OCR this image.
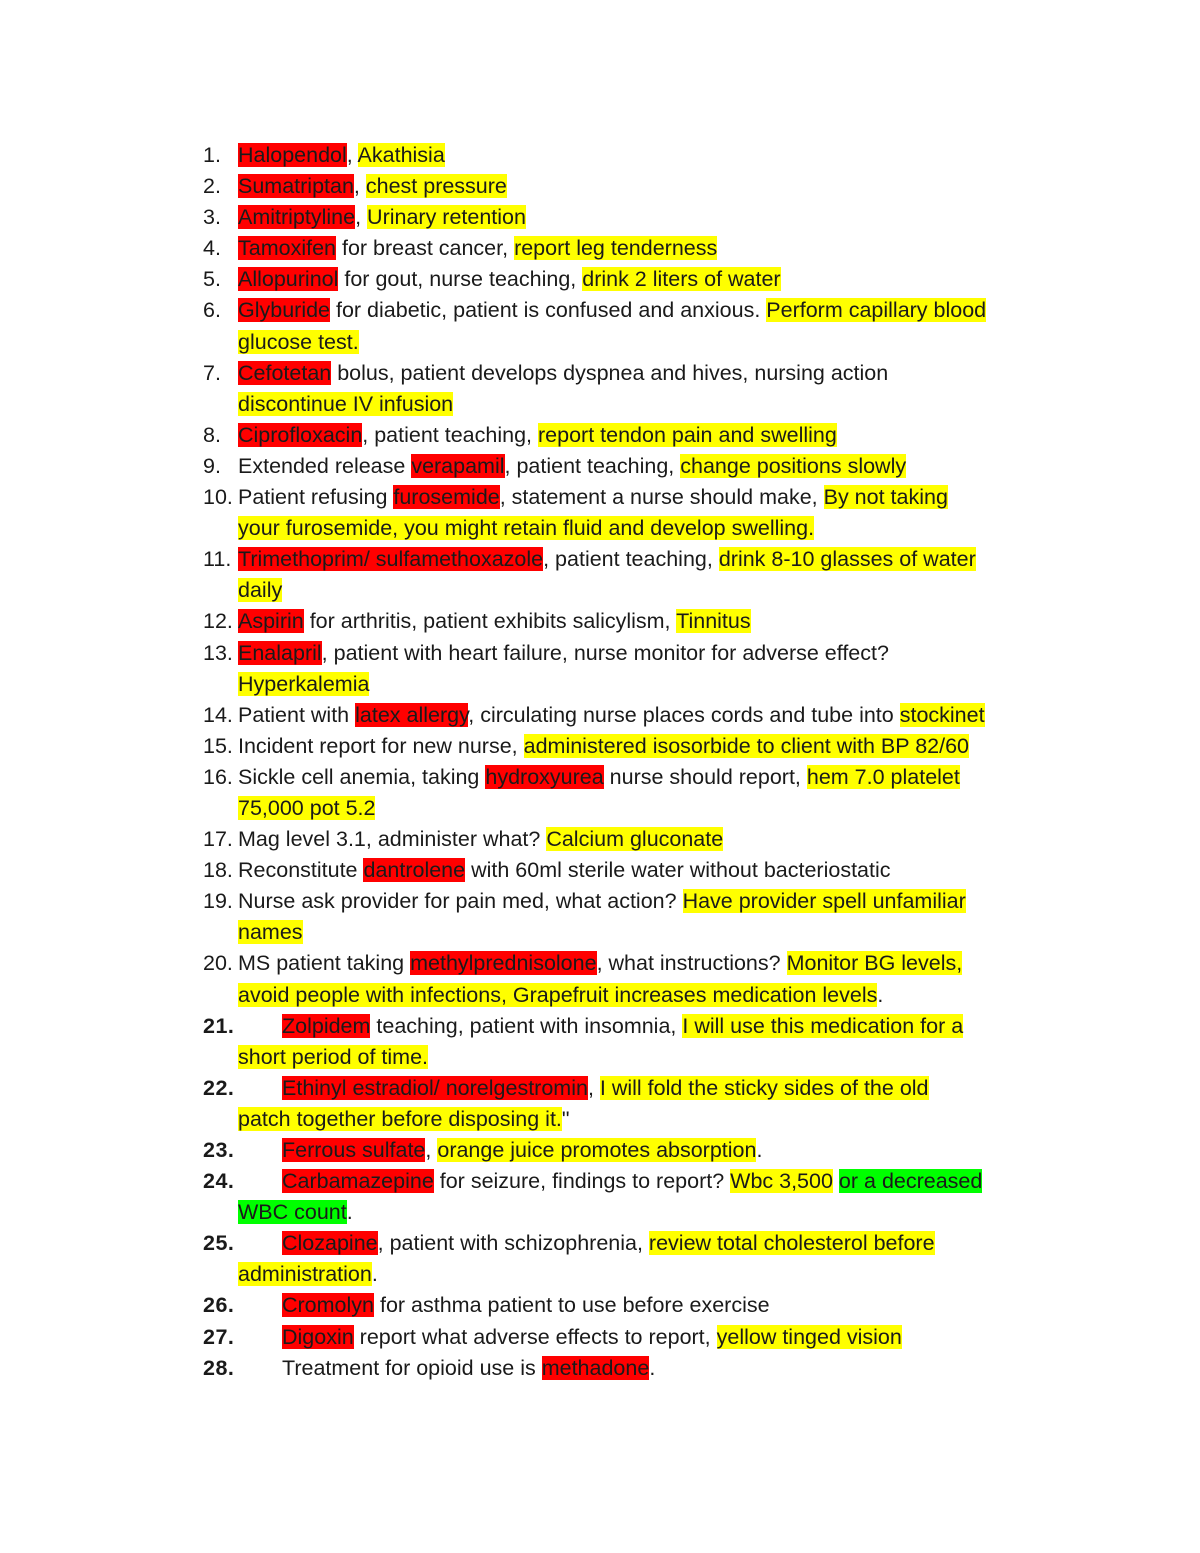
1. Halopendol, Akathisia
2. Sumatriptan, chest pressure
3. Amitriptyline, Urinary retention
4. Tamoxifen for breast cancer, report leg tenderness
5. Allopurinol for gout, nurse teaching, drink 2 liters of water
6. Glyburide for diabetic, patient is confused and anxious. Perform capillary blood
glucose test.
7. Cefotetan bolus, patient develops dyspnea and hives, nursing action
discontinue IV infusion
8. Ciprofloxacin, patient teaching, report tendon pain and swelling
9. Extended release verapamil, patient teaching, change positions slowly
10. Patient refusing furosemide, statement a nurse should make, By not taking
your furosemide, you might retain fluid and develop swelling.
11. Trimethoprim/ sulfamethoxazole, patient teaching, drink 8-10 glasses of water
daily
12. Aspirin for arthritis, patient exhibits salicylism, Tinnitus
13. Enalapril, patient with heart failure, nurse monitor for adverse effect?
Hyperkalemia
14. Patient with latex allergy, circulating nurse places cords and tube into stockinet
15. Incident report for new nurse, administered isosorbide to client with BP 82/60
16. Sickle cell anemia, taking hydroxyurea nurse should report, hem 7.0 platelet
75,000 pot 5.2
17. Mag level 3.1, administer what? Calcium gluconate
18. Reconstitute dantrolene with 60ml sterile water without bacteriostatic
19. Nurse ask provider for pain med, what action? Have provider spell unfamiliar
names
20. MS patient taking methylprednisolone, what instructions? Monitor BG levels,
avoid people with infections, Grapefruit increases medication levels.
21.	Zolpidem teaching, patient with insomnia, I will use this medication for a
short period of time.
22.	Ethinyl estradiol/ norelgestromin, I will fold the sticky sides of the old
patch together before disposing it."
23.	Ferrous sulfate, orange juice promotes absorption.
24.	Carbamazepine for seizure, findings to report? Wbc 3,500 or a decreased
WBC count.
25.	Clozapine, patient with schizophrenia, review total cholesterol before
administration.
26.	Cromolyn for asthma patient to use before exercise
27.	Digoxin report what adverse effects to report, yellow tinged vision
28.	Treatment for opioid use is methadone.
